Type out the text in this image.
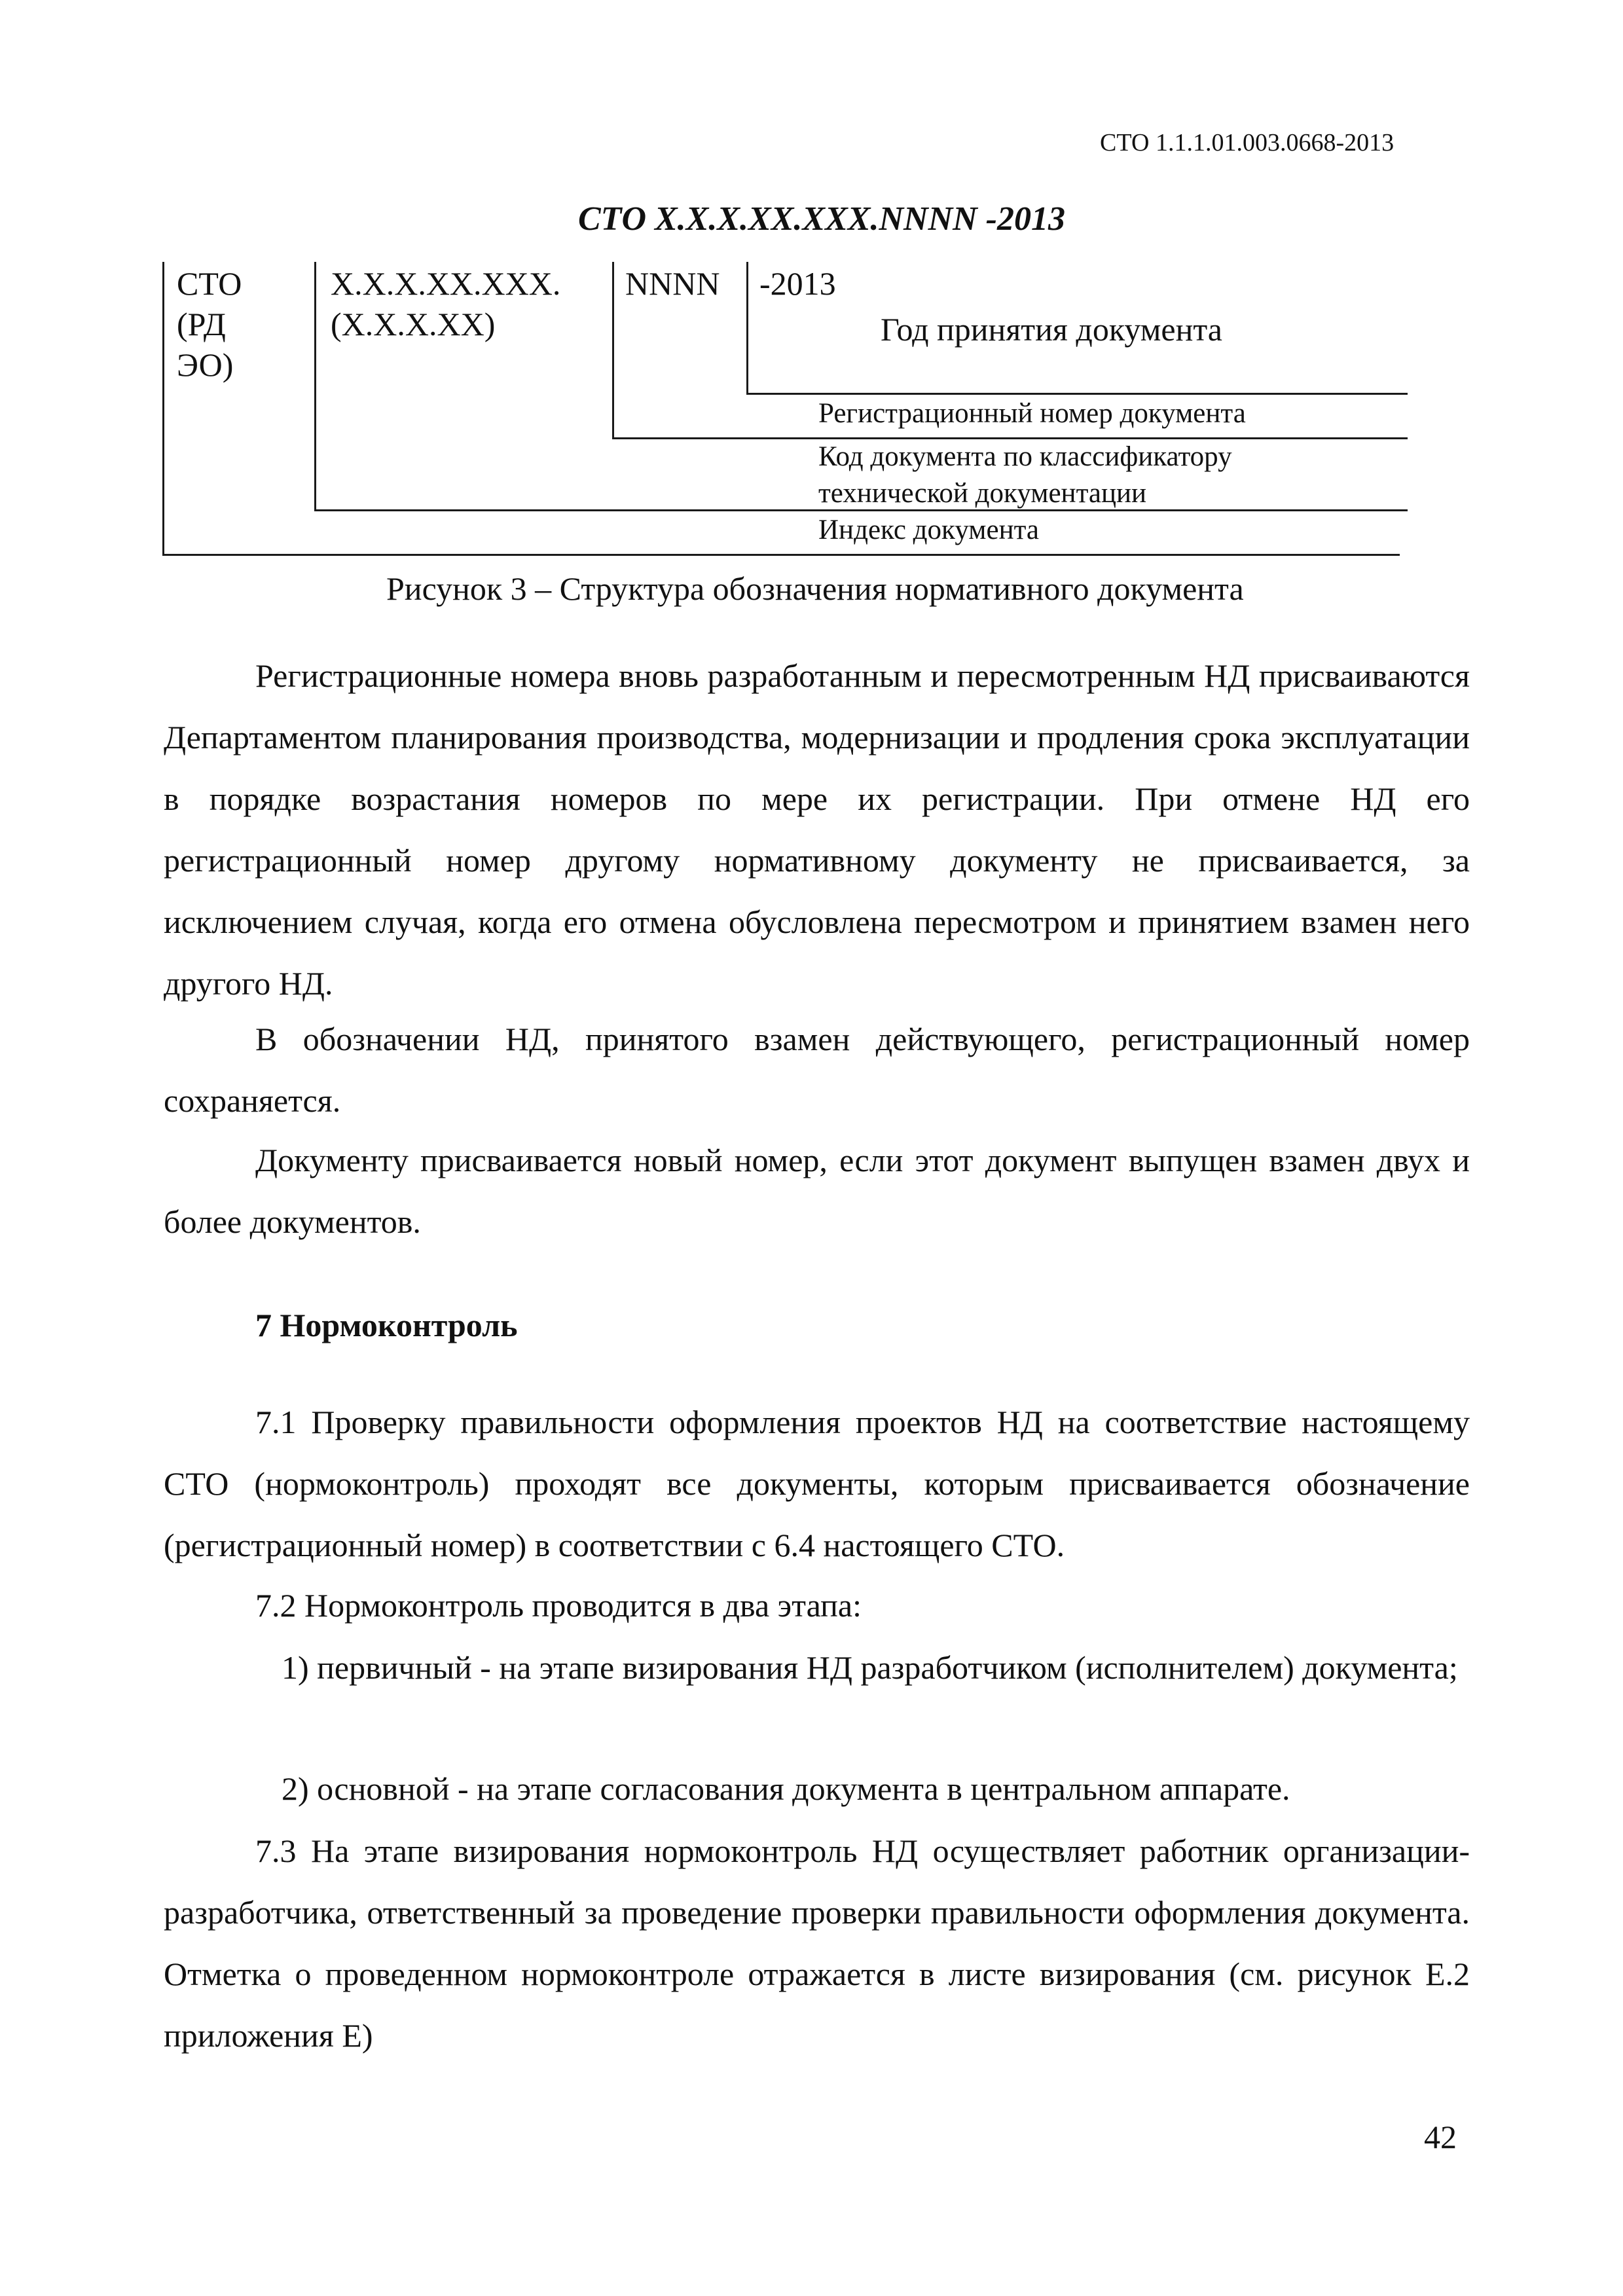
СТО 1.1.1.01.003.0668-2013
СТО Х.Х.Х.ХХ.ХХХ.NNNN -2013
СТО
(РД
ЭО)
Х.Х.Х.ХХ.ХХХ.
(Х.Х.Х.ХХ)
NNNN -2013
Год принятия документа
Регистрационный номер документа
Код документа по классификатору
технической документации
Индекс документа
Рисунок 3 – Структура обозначения нормативного документа
Регистрационные номера вновь разработанным и пересмотренным НД присваиваются Департаментом планирования производства, модернизации и продления срока эксплуатации в порядке возрастания номеров по мере их регистрации. При отмене НД его регистрационный номер другому нормативному документу не присваивается, за исключением случая, когда его отмена обусловлена пересмотром и принятием взамен него другого НД.
В обозначении НД, принятого взамен действующего, регистрационный номер сохраняется.
Документу присваивается новый номер, если этот документ выпущен взамен двух и более документов.
7 Нормоконтроль
7.1 Проверку правильности оформления проектов НД на соответствие настоящему СТО (нормоконтроль) проходят все документы, которым присваивается обозначение (регистрационный номер) в соответствии с 6.4 настоящего СТО.
7.2 Нормоконтроль проводится в два этапа:
1) первичный - на этапе визирования НД разработчиком (исполнителем) документа;
2) основной - на этапе согласования документа в центральном аппарате.
7.3 На этапе визирования нормоконтроль НД осуществляет работник организации-разработчика, ответственный за проведение проверки правильности оформления документа. Отметка о проведенном нормоконтроле отражается в листе визирования (см. рисунок Е.2 приложения Е)
42
